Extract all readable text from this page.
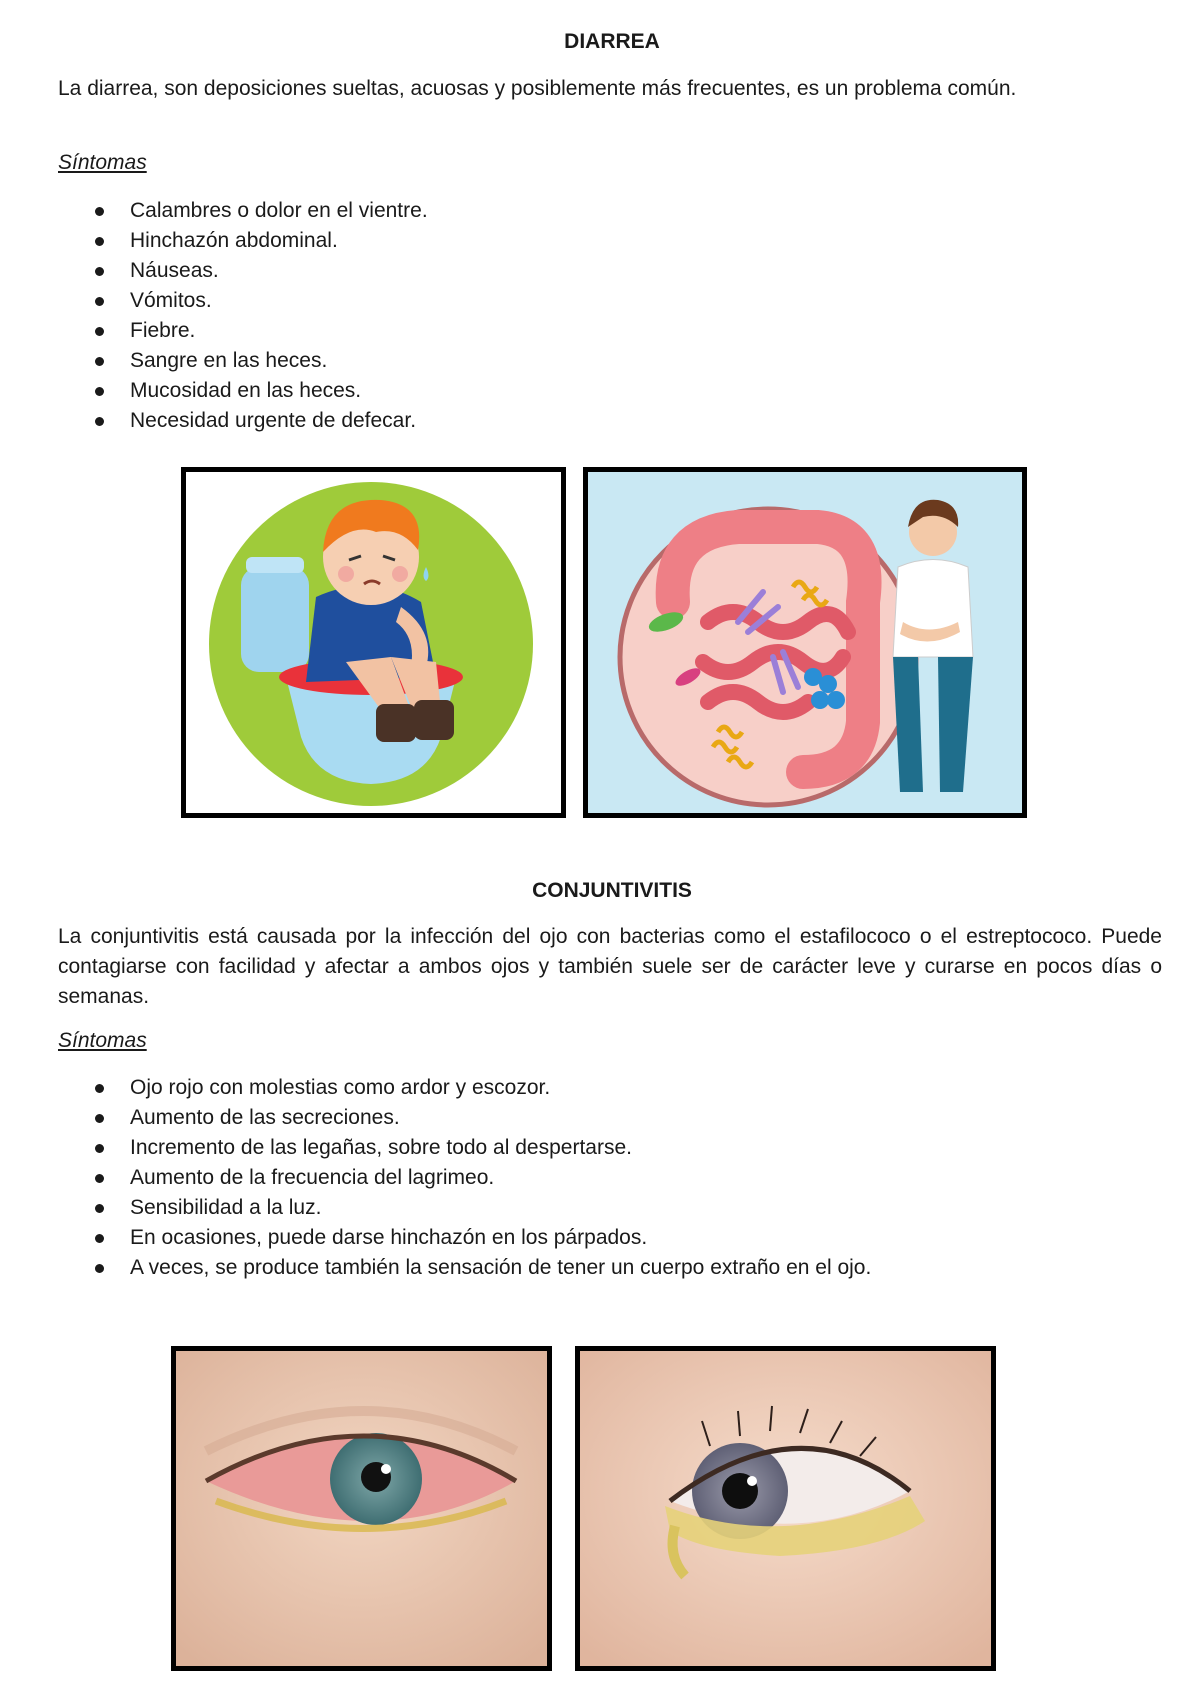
DIARREA

La diarrea, son deposiciones sueltas, acuosas y posiblemente más frecuentes, es un problema común.

Síntomas

Calambres o dolor en el vientre.
Hinchazón abdominal.
Náuseas.
Vómitos.
Fiebre.
Sangre en las heces.
Mucosidad en las heces.
Necesidad urgente de defecar.
CONJUNTIVITIS

La conjuntivitis está causada por la infección del ojo con bacterias como el estafilococo o el estreptococo. Puede contagiarse con facilidad y afectar a ambos ojos y también suele ser de carácter leve y curarse en pocos días o semanas.

Síntomas

Ojo rojo con molestias como ardor y escozor.
Aumento de las secreciones.
Incremento de las legañas, sobre todo al despertarse.
Aumento de la frecuencia del lagrimeo.
Sensibilidad a la luz.
En ocasiones, puede darse hinchazón en los párpados.
A veces, se produce también la sensación de tener un cuerpo extraño en el ojo.
